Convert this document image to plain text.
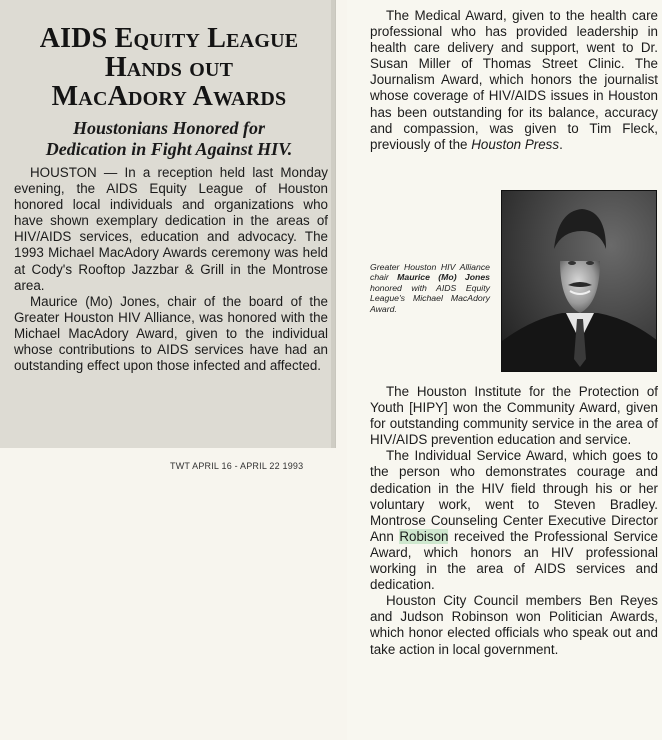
AIDS Equity League
Hands out
MacAdory Awards
Houstonians Honored for
Dedication in Fight Against HIV.

HOUSTON — In a reception held last Monday evening, the AIDS Equity League of Houston honored local individuals and organizations who have shown exemplary dedication in the areas of HIV/AIDS services, education and advocacy. The 1993 Michael MacAdory Awards ceremony was held at Cody's Rooftop Jazzbar & Grill in the Montrose area.

Maurice (Mo) Jones, chair of the board of the Greater Houston HIV Alliance, was honored with the Michael MacAdory Award, given to the individual whose contributions to AIDS services have had an outstanding effect upon those infected and affected.

TWT APRIL 16 - APRIL 22 1993

The Medical Award, given to the health care professional who has provided leadership in health care delivery and support, went to Dr. Susan Miller of Thomas Street Clinic. The Journalism Award, which honors the journalist whose coverage of HIV/AIDS issues in Houston has been outstanding for its balance, accuracy and compassion, was given to Tim Fleck, previously of the Houston Press.

Greater Houston HIV Alliance chair Maurice (Mo) Jones honored with AIDS Equity League's Michael MacAdory Award.

The Houston Institute for the Protection of Youth [HIPY] won the Community Award, given for outstanding community service in the area of HIV/AIDS prevention education and service.

The Individual Service Award, which goes to the person who demonstrates courage and dedication in the HIV field through his or her voluntary work, went to Steven Bradley. Montrose Counseling Center Executive Director Ann Robison received the Professional Service Award, which honors an HIV professional working in the area of AIDS services and dedication.

Houston City Council members Ben Reyes and Judson Robinson won Politician Awards, which honor elected officials who speak out and take action in local government.
